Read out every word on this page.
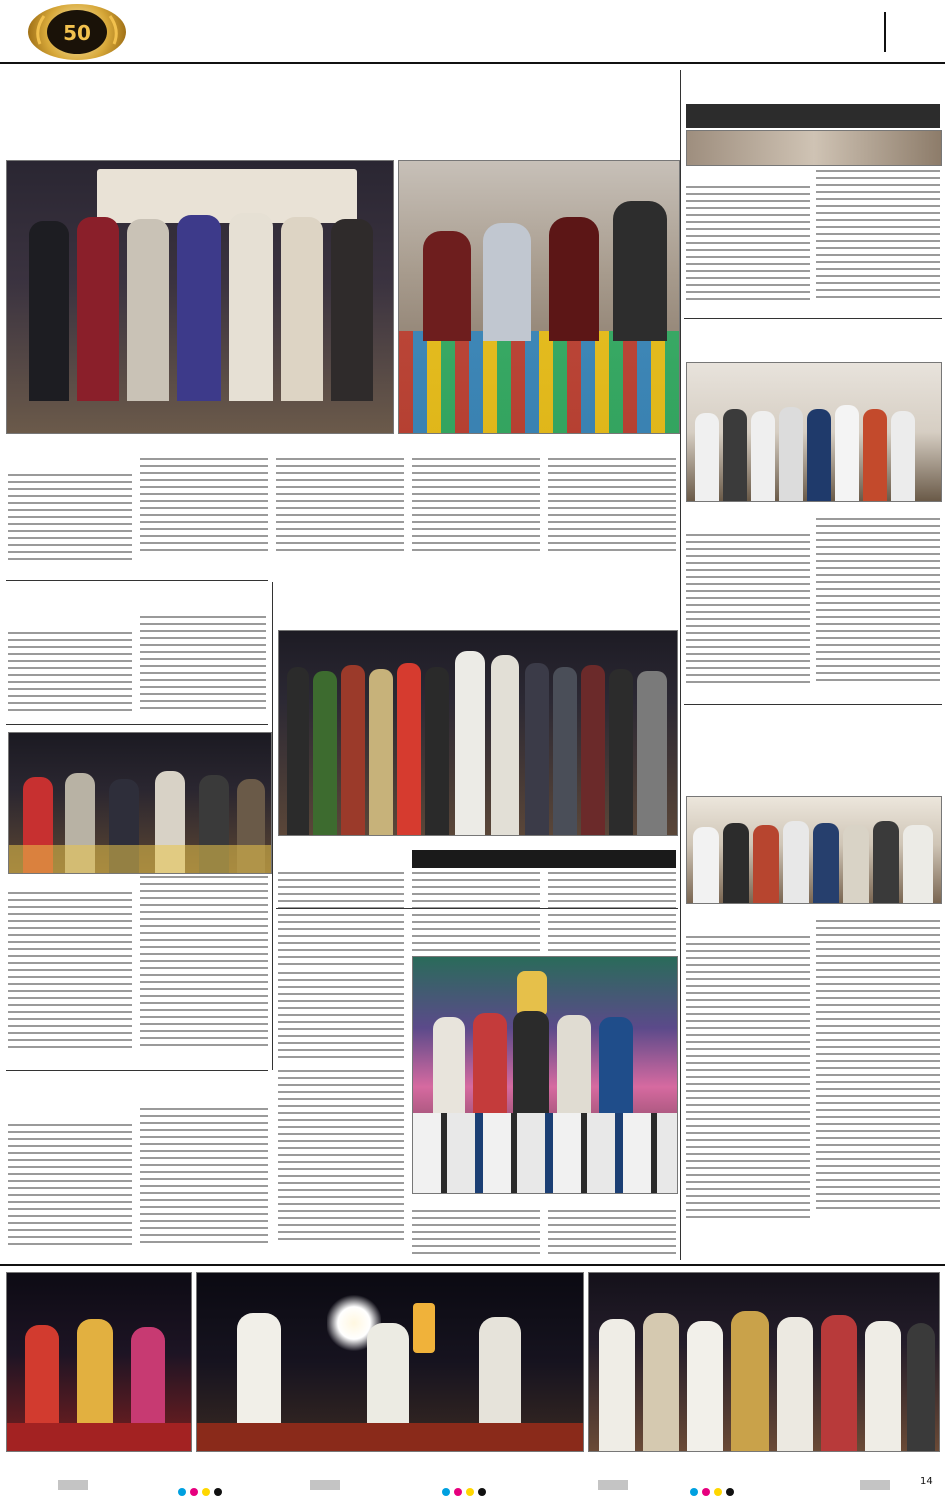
50
14
